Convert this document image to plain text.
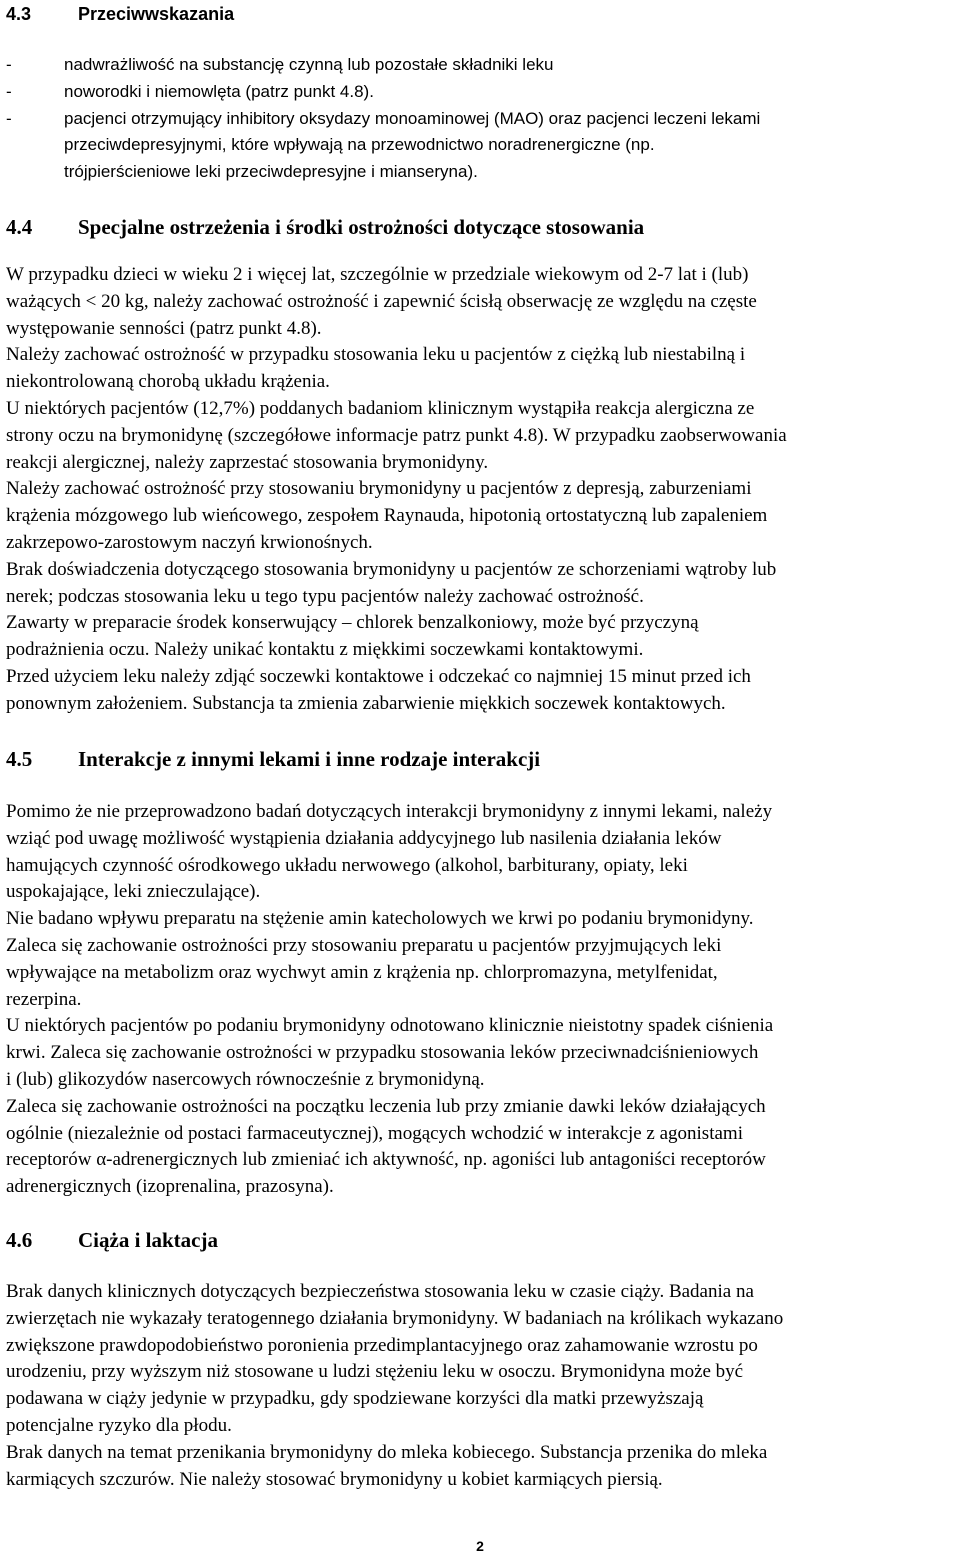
4.3	Przeciwwskazania

-	nadwrażliwość na substancję czynną lub pozostałe składniki leku

-	noworodki i niemowlęta (patrz punkt 4.8).

-	pacjenci otrzymujący inhibitory oksydazy monoaminowej (MAO) oraz pacjenci leczeni lekami

przeciwdepresyjnymi, które wpływają na przewodnictwo noradrenergiczne (np.

trójpierścieniowe leki przeciwdepresyjne i mianseryna).

4.4 Specjalne ostrzeżenia i środki ostrożności dotyczące stosowania

W przypadku dzieci w wieku 2 i więcej lat, szczególnie w przedziale wiekowym od 2-7 lat i (lub)

ważących < 20 kg, należy zachować ostrożność i zapewnić ścisłą obserwację ze względu na częste

występowanie senności (patrz punkt 4.8).

Należy zachować ostrożność w przypadku stosowania leku u pacjentów z ciężką lub niestabilną i

niekontrolowaną chorobą układu krążenia.

U niektórych pacjentów (12,7%) poddanych badaniom klinicznym wystąpiła reakcja alergiczna ze

strony oczu na brymonidynę (szczegółowe informacje patrz punkt 4.8). W przypadku zaobserwowania

reakcji alergicznej, należy zaprzestać stosowania brymonidyny.

Należy zachować ostrożność przy stosowaniu brymonidyny u pacjentów z depresją, zaburzeniami

krążenia mózgowego lub wieńcowego, zespołem Raynauda, hipotonią ortostatyczną lub zapaleniem

zakrzepowo-zarostowym naczyń krwionośnych.

Brak doświadczenia dotyczącego stosowania brymonidyny u pacjentów ze schorzeniami wątroby lub

nerek; podczas stosowania leku u tego typu pacjentów należy zachować ostrożność.

Zawarty w preparacie środek konserwujący – chlorek benzalkoniowy, może być przyczyną

podrażnienia oczu. Należy unikać kontaktu z miękkimi soczewkami kontaktowymi.

Przed użyciem leku należy zdjąć soczewki kontaktowe i odczekać co najmniej 15 minut przed ich

ponownym założeniem. Substancja ta zmienia zabarwienie miękkich soczewek kontaktowych.

4.5 Interakcje z innymi lekami i inne rodzaje interakcji

Pomimo że nie przeprowadzono badań dotyczących interakcji brymonidyny z innymi lekami, należy

wziąć pod uwagę możliwość wystąpienia działania addycyjnego lub nasilenia działania leków

hamujących czynność ośrodkowego układu nerwowego (alkohol, barbiturany, opiaty, leki

uspokajające, leki znieczulające).

Nie badano wpływu preparatu na stężenie amin katecholowych we krwi po podaniu brymonidyny.

Zaleca się zachowanie ostrożności przy stosowaniu preparatu u pacjentów przyjmujących leki

wpływające na metabolizm oraz wychwyt amin z krążenia np. chlorpromazyna, metylfenidat,

rezerpina.

U niektórych pacjentów po podaniu brymonidyny odnotowano klinicznie nieistotny spadek ciśnienia

krwi. Zaleca się zachowanie ostrożności w przypadku stosowania leków przeciwnadciśnieniowych

i (lub) glikozydów nasercowych równocześnie z brymonidyną.

Zaleca się zachowanie ostrożności na początku leczenia lub przy zmianie dawki leków działających

ogólnie (niezależnie od postaci farmaceutycznej), mogących wchodzić w interakcje z agonistami

receptorów α-adrenergicznych lub zmieniać ich aktywność, np. agoniści lub antagoniści receptorów

adrenergicznych (izoprenalina, prazosyna).

4.6 Ciąża i laktacja

Brak danych klinicznych dotyczących bezpieczeństwa stosowania leku w czasie ciąży. Badania na

zwierzętach nie wykazały teratogennego działania brymonidyny. W badaniach na królikach wykazano

zwiększone prawdopodobieństwo poronienia przedimplantacyjnego oraz zahamowanie wzrostu po

urodzeniu, przy wyższym niż stosowane u ludzi stężeniu leku w osoczu. Brymonidyna może być

podawana w ciąży jedynie w przypadku, gdy spodziewane korzyści dla matki przewyższają

potencjalne ryzyko dla płodu.

Brak danych na temat przenikania brymonidyny do mleka kobiecego. Substancja przenika do mleka

karmiących szczurów. Nie należy stosować brymonidyny u kobiet karmiących piersią.

2
